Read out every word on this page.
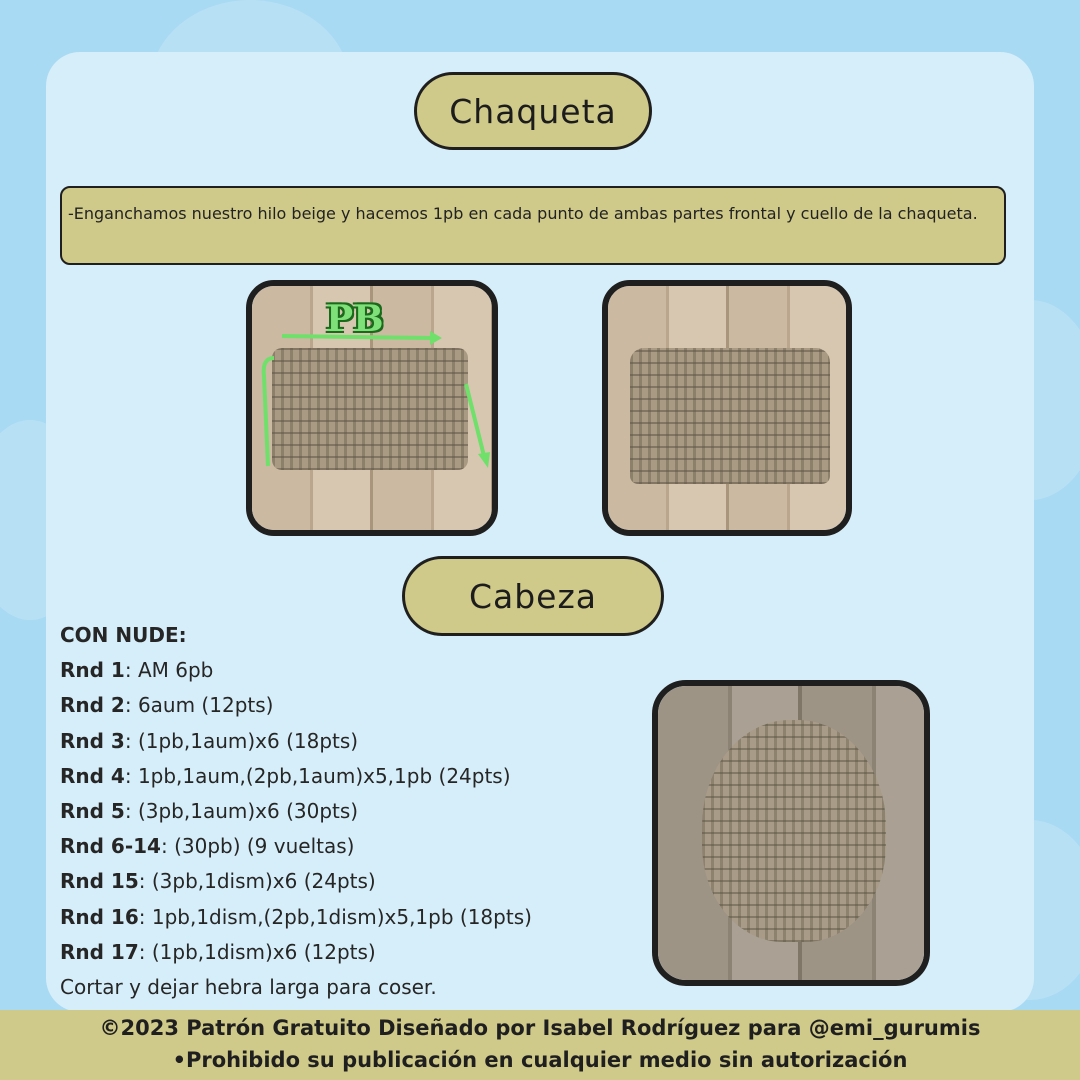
Chaqueta
-Enganchamos nuestro hilo beige y hacemos 1pb en cada punto de ambas partes frontal y cuello de la chaqueta.
PB
Cabeza
CON NUDE:
Rnd 1: AM 6pb
Rnd 2: 6aum (12pts)
Rnd 3: (1pb,1aum)x6 (18pts)
Rnd 4: 1pb,1aum,(2pb,1aum)x5,1pb (24pts)
Rnd 5: (3pb,1aum)x6 (30pts)
Rnd 6-14: (30pb) (9 vueltas)
Rnd 15: (3pb,1dism)x6 (24pts)
Rnd 16: 1pb,1dism,(2pb,1dism)x5,1pb (18pts)
Rnd 17: (1pb,1dism)x6 (12pts)
Cortar y dejar hebra larga para coser.
©2023 Patrón Gratuito Diseñado por Isabel Rodríguez para @emi_gurumis
•Prohibido su publicación en cualquier medio sin autorización
